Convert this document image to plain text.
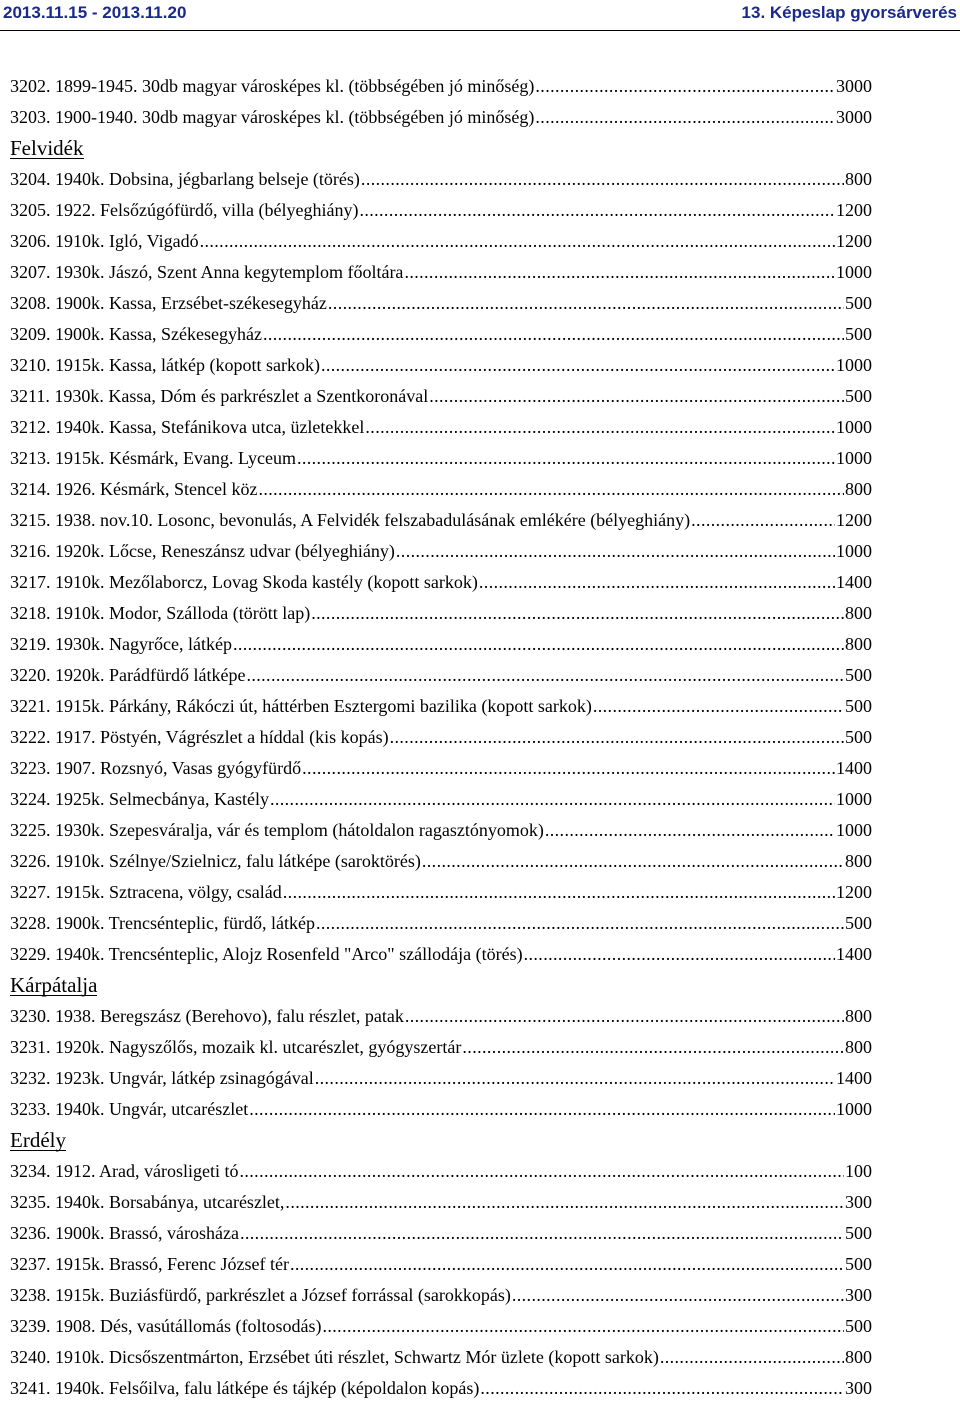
2013.11.15 - 2013.11.20	13. Képeslap gyorsárverés
3202. 1899-1945. 30db magyar városképes kl. (többségében jó minőség) .....	3000
3203. 1900-1940. 30db magyar városképes kl. (többségében jó minőség) .....	3000
Felvidék
3204. 1940k. Dobsina, jégbarlang belseje (törés) .....	800
3205. 1922. Felsőzúgófürdő, villa (bélyeghiány) .....	1200
3206. 1910k. Igló, Vigadó .....	1200
3207. 1930k. Jászó, Szent Anna kegytemplom főoltára .....	1000
3208. 1900k. Kassa, Erzsébet-székesegyház .....	500
3209. 1900k. Kassa, Székesegyház .....	500
3210. 1915k. Kassa, látkép (kopott sarkok) .....	1000
3211. 1930k. Kassa, Dóm és parkrészlet a Szentkoronával .....	500
3212. 1940k. Kassa, Stefánikova utca, üzletekkel .....	1000
3213. 1915k. Késmárk, Evang. Lyceum .....	1000
3214. 1926. Késmárk, Stencel köz .....	800
3215. 1938. nov.10. Losonc, bevonulás, A Felvidék felszabadulásának emlékére (bélyeghiány) .....	1200
3216. 1920k. Lőcse, Reneszánsz udvar (bélyeghiány) .....	1000
3217. 1910k. Mezőlaborcz, Lovag Skoda kastély (kopott sarkok) .....	1400
3218. 1910k. Modor, Szálloda (törött lap) .....	800
3219. 1930k. Nagyrőce, látkép .....	800
3220. 1920k. Parádfürdő látképe .....	500
3221. 1915k. Párkány, Rákóczi út, háttérben Esztergomi bazilika (kopott sarkok) .....	500
3222. 1917. Pöstyén, Vágrészlet a híddal (kis kopás) .....	500
3223. 1907. Rozsnyó, Vasas gyógyfürdő .....	1400
3224. 1925k. Selmecbánya, Kastély .....	1000
3225. 1930k. Szepesváralja, vár és templom (hátoldalon ragasztónyomok) .....	1000
3226. 1910k. Szélnye/Szielnicz, falu látképe (saroktörés) .....	800
3227. 1915k. Sztracena, völgy, család .....	1200
3228. 1900k. Trencsénteplic, fürdő, látkép .....	500
3229. 1940k. Trencsénteplic, Alojz Rosenfeld "Arco" szállodája (törés) .....	1400
Kárpátalja
3230. 1938. Beregszász (Berehovo), falu részlet, patak .....	800
3231. 1920k. Nagyszőlős, mozaik kl. utcarészlet, gyógyszertár .....	800
3232. 1923k. Ungvár, látkép zsinagógával .....	1400
3233. 1940k. Ungvár, utcarészlet .....	1000
Erdély
3234. 1912. Arad, városligeti tó .....	100
3235. 1940k. Borsabánya, utcarészlet, .....	300
3236. 1900k. Brassó, városháza .....	500
3237. 1915k. Brassó, Ferenc József tér .....	500
3238. 1915k. Buziásfürdő, parkrészlet a József forrással (sarokkopás) .....	300
3239. 1908. Dés, vasútállomás (foltosodás) .....	500
3240. 1910k. Dicsőszentmárton, Erzsébet úti részlet, Schwartz Mór üzlete (kopott sarkok) .....	800
3241. 1940k. Felsőilva, falu látképe és tájkép (képoldalon kopás) .....	300
